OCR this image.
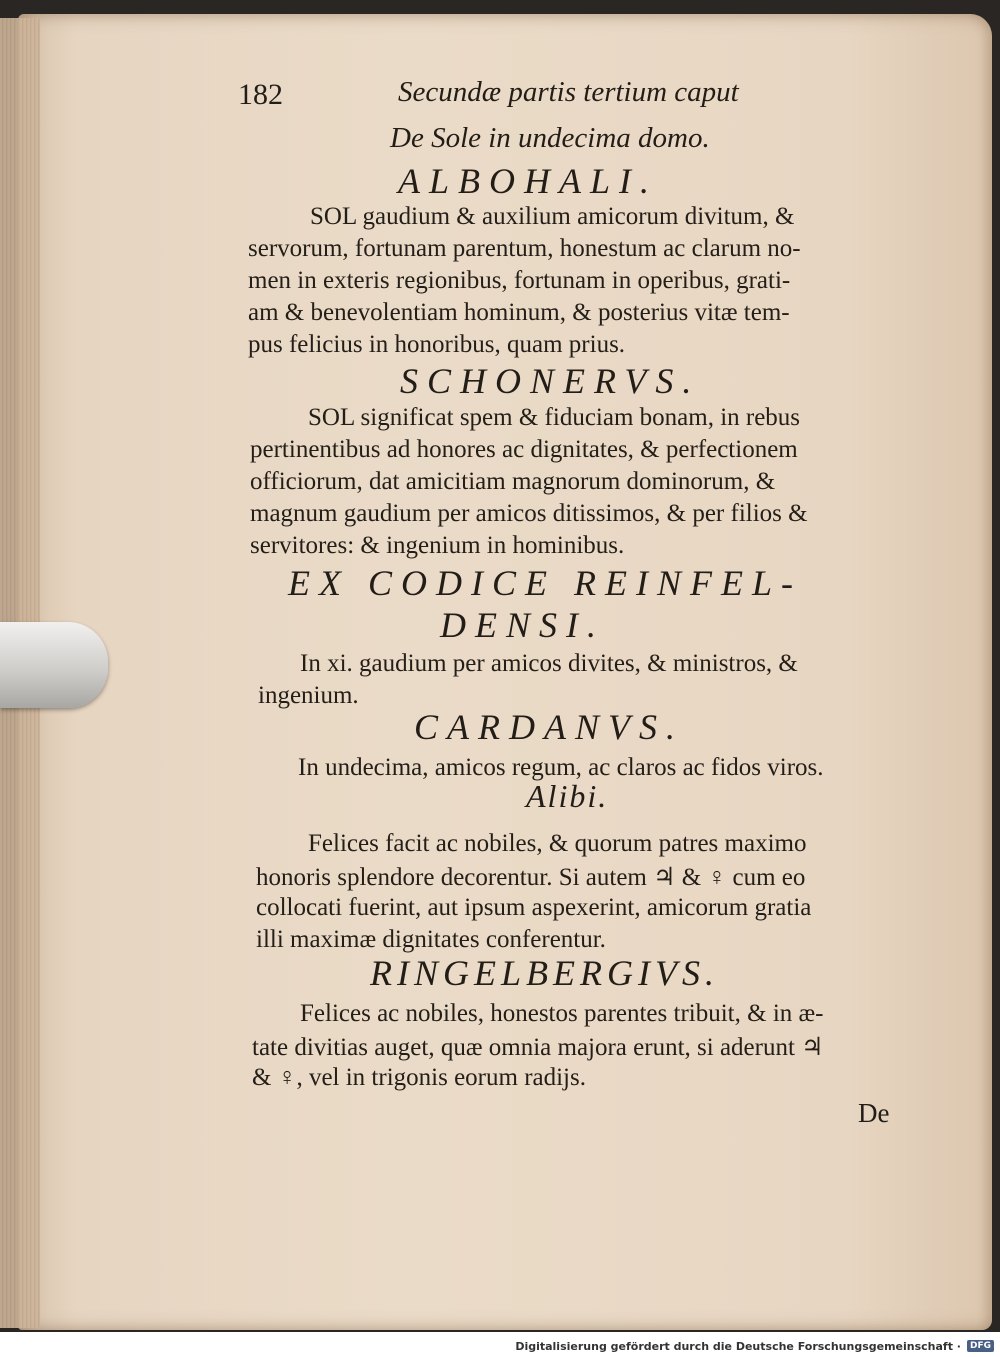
182	Secundæ partis tertium caput
De Sole in undecima domo.
ALBOHALI.
SOL gaudium & auxilium amicorum divitum, &
servorum, fortunam parentum, honestum ac clarum no-
men in exteris regionibus, fortunam in operibus, grati-
am & benevolentiam hominum, & posterius vitæ tem-
pus felicius in honoribus, quam prius.
SCHONERVS.
SOL significat spem & fiduciam bonam, in rebus
pertinentibus ad honores ac dignitates, & perfectionem
officiorum, dat amicitiam magnorum dominorum, &
magnum gaudium per amicos ditissimos, & per filios &
servitores: & ingenium in hominibus.
EX CODICE REINFEL-
DENSI.
In xi. gaudium per amicos divites, & ministros, &
ingenium.
CARDANVS.
In undecima, amicos regum, ac claros ac fidos viros.
Alibi.
Felices facit ac nobiles, & quorum patres maximo
honoris splendore decorentur. Si autem ♃ & ♀ cum eo
collocati fuerint, aut ipsum aspexerint, amicorum gratia
illi maximæ dignitates conferentur.
RINGELBERGIVS.
Felices ac nobiles, honestos parentes tribuit, & in æ-
tate divitias auget, quæ omnia majora erunt, si aderunt ♃
& ♀, vel in trigonis eorum radijs.
De
Digitalisierung gefördert durch die Deutsche Forschungsgemeinschaft ·	DFG
